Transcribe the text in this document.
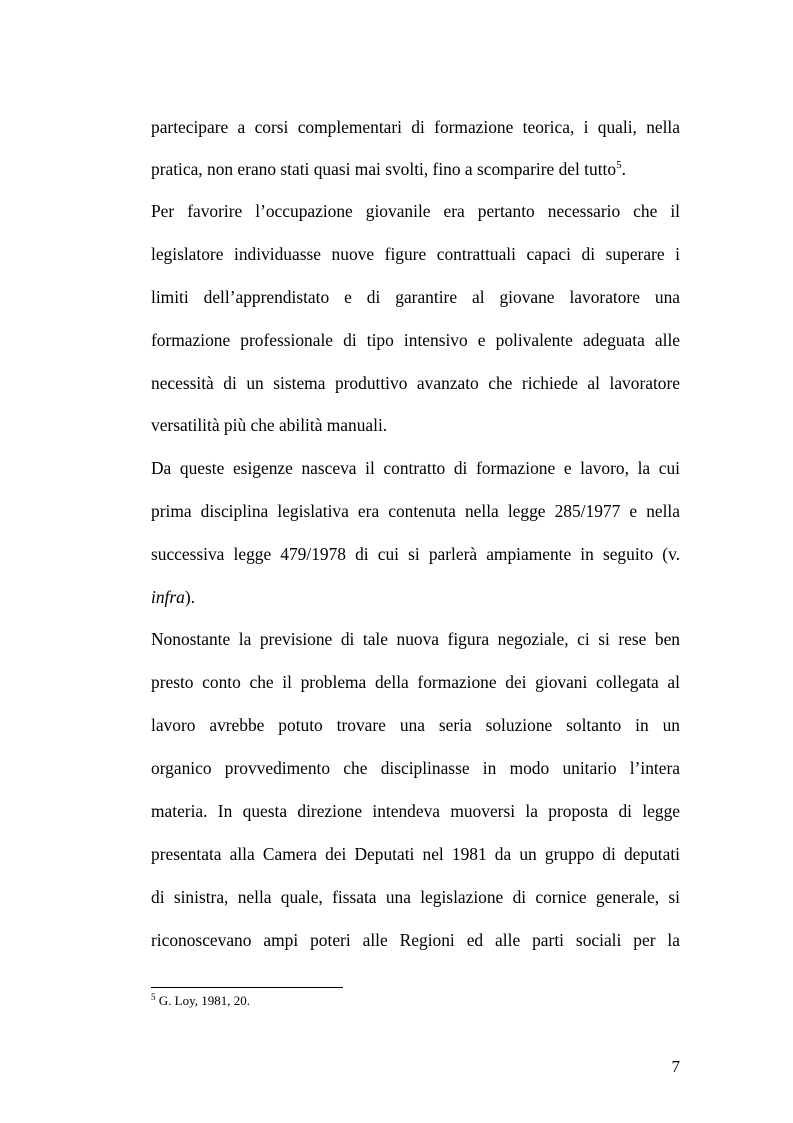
partecipare a corsi complementari di formazione teorica, i quali, nella
pratica, non erano stati quasi mai svolti, fino a scomparire del tutto$^5$.
Per favorire l’occupazione giovanile era pertanto necessario che il
legislatore individuasse nuove figure contrattuali capaci di superare i
limiti dell’apprendistato e di garantire al giovane lavoratore una
formazione professionale di tipo intensivo e polivalente adeguata alle
necessità di un sistema produttivo avanzato che richiede al lavoratore
versatilità più che abilità manuali.
Da queste esigenze nasceva il contratto di formazione e lavoro, la cui
prima disciplina legislativa era contenuta nella legge 285/1977 e nella
successiva legge 479/1978 di cui si parlerà ampiamente in seguito (v.
infra).
Nonostante la previsione di tale nuova figura negoziale, ci si rese ben
presto conto che il problema della formazione dei giovani collegata al
lavoro avrebbe potuto trovare una seria soluzione soltanto in un
organico provvedimento che disciplinasse in modo unitario l’intera
materia. In questa direzione intendeva muoversi la proposta di legge
presentata alla Camera dei Deputati nel 1981 da un gruppo di deputati
di sinistra, nella quale, fissata una legislazione di cornice generale, si
riconoscevano ampi poteri alle Regioni ed alle parti sociali per la
$^5$ G. Loy, 1981, 20.
7
